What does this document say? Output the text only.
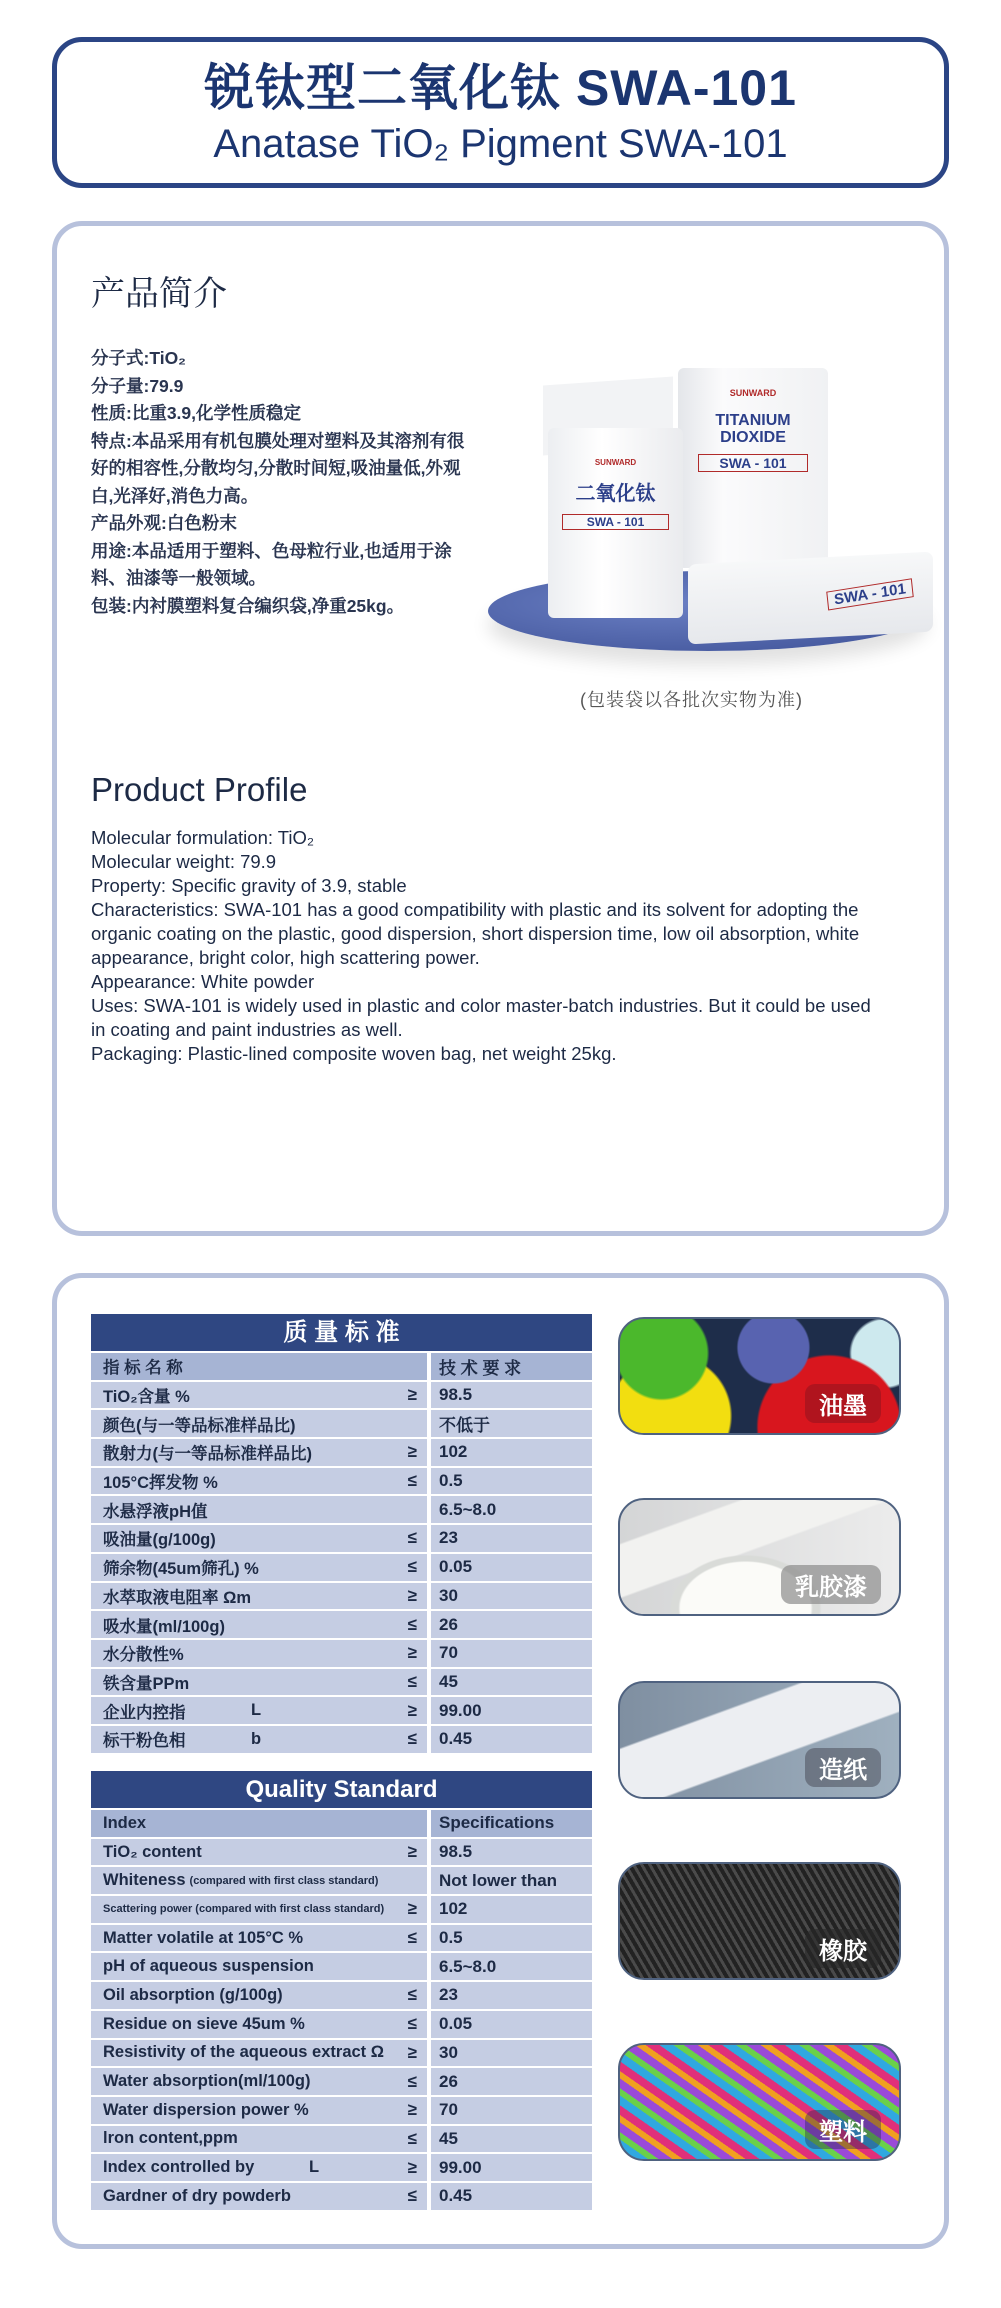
锐钛型二氧化钛 SWA-101
Anatase TiO₂ Pigment SWA-101
产品简介
分子式:TiO₂
分子量:79.9
性质:比重3.9,化学性质稳定
特点:本品采用有机包膜处理对塑料及其溶剂有很好的相容性,分散均匀,分散时间短,吸油量低,外观白,光泽好,消色力高。
产品外观:白色粉末
用途:本品适用于塑料、色母粒行业,也适用于涂料、油漆等一般领域。
包装:内衬膜塑料复合编织袋,净重25kg。
SUNWARD
TITANIUM DIOXIDE
SWA - 101
SUNWARD
二氧化钛
SWA - 101
SWA - 101
(包装袋以各批次实物为准)
Product Profile
Molecular formulation: TiO₂
Molecular weight: 79.9
Property: Specific gravity of 3.9, stable
Characteristics: SWA-101 has a good compatibility with plastic and its solvent for adopting the organic coating on the plastic, good dispersion, short dispersion time, low oil absorption, white appearance, bright color, high scattering power.
Appearance: White powder
Uses: SWA-101 is widely used in plastic and color master-batch industries. But it could be used in coating and paint industries as well.
Packaging: Plastic-lined composite woven bag, net weight 25kg.
质 量 标 准
指 标 名 称	技 术 要 求
TiO₂含量 %	≥	98.5
颜色(与一等品标准样品比)	不低于
散射力(与一等品标准样品比)	≥	102
105°C挥发物 %	≤	0.5
水悬浮液pH值	6.5~8.0
吸油量(g/100g)	≤	23
筛余物(45um筛孔) %	≤	0.05
水萃取液电阻率 Ωm	≥	30
吸水量(ml/100g)	≤	26
水分散性%	≥	70
铁含量PPm	≤	45
企业内控指	L	≥	99.00
标干粉色相	b	≤	0.45
Quality Standard
Index	Specifications
TiO₂ content	≥	98.5
Whiteness (compared with first class standard)	Not lower than
Scattering power (compared with first class standard) ≥	102
Matter volatile at 105°C %	≤	0.5
pH of aqueous suspension	6.5~8.0
Oil absorption (g/100g)	≤	23
Residue on sieve 45um %	≤	0.05
Resistivity of the aqueous extract Ω ≥	30
Water absorption(ml/100g)	≤	26
Water dispersion power %	≥	70
lron content,ppm	≤	45
Index controlled by	L	≥	99.00
Gardner of dry powderb	≤	0.45
油墨
乳胶漆
造纸
橡胶
塑料
